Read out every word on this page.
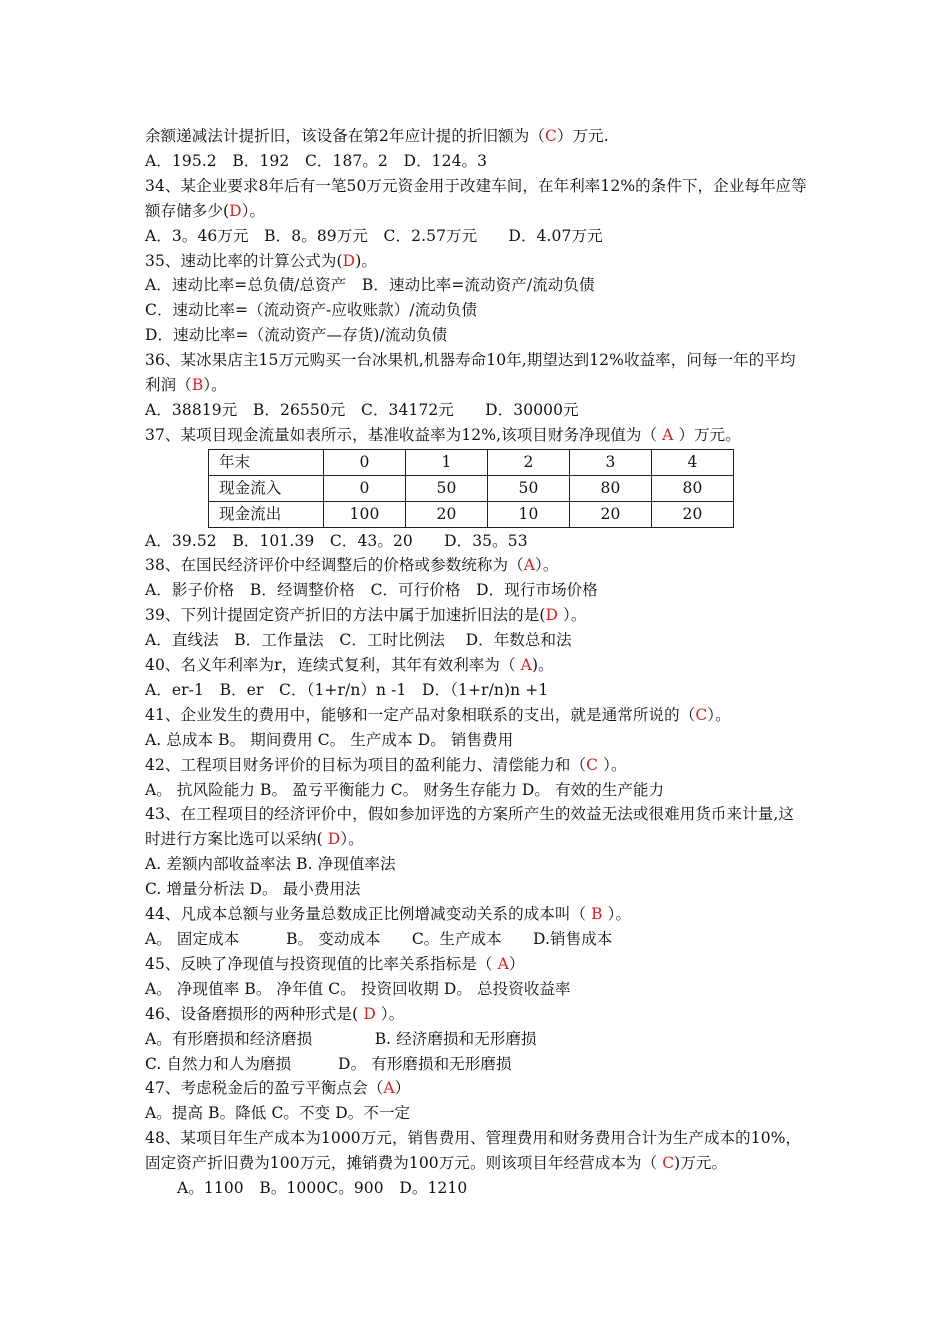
余额递减法计提折旧，该设备在第2年应计提的折旧额为（C）万元.
A．195.2　B．192　C．187。2　D．124。3
34、某企业要求8年后有一笔50万元资金用于改建车间，在年利率12%的条件下，企业每年应等额存储多少(D）。
A．3。46万元　B．8。89万元　C．2.57万元　　D．4.07万元
35、速动比率的计算公式为(D)。
A．速动比率=总负债/总资产　B．速动比率=流动资产/流动负债
C．速动比率=（流动资产-应收账款）/流动负债
D．速动比率=（流动资产—存货)/流动负债
36、某冰果店主15万元购买一台冰果机,机器寿命10年,期望达到12%收益率，问每一年的平均利润（B）。
A．38819元　B．26550元　C．34172元　　D．30000元
37、某项目现金流量如表所示，基准收益率为12%,该项目财务净现值为（ A ）万元。
年末	0	1	2	3	4
现金流入	0	50	50	80	80
现金流出	100	20	10	20	20
A．39.52　B．101.39　C．43。20　　D．35。53
38、在国民经济评价中经调整后的价格或参数统称为（A）。
A．影子价格　B．经调整价格　C．可行价格　D．现行市场价格
39、下列计提固定资产折旧的方法中属于加速折旧法的是(D ）。
A．直线法　B．工作量法　C．工时比例法　 D．年数总和法
40、名义年利率为r，连续式复利，其年有效利率为（ A)。
A．er-1　B．er　C．（1+r/n）n -1　D．（1+r/n)n +1
41、企业发生的费用中，能够和一定产品对象相联系的支出，就是通常所说的（C）。
A. 总成本 B。 期间费用 C。 生产成本 D。 销售费用
42、工程项目财务评价的目标为项目的盈利能力、清偿能力和（C ）。
A。 抗风险能力 B。 盈亏平衡能力 C。 财务生存能力 D。 有效的生产能力
43、在工程项目的经济评价中，假如参加评选的方案所产生的效益无法或很难用货币来计量,这时进行方案比选可以采纳( D）。
A. 差额内部收益率法 B. 净现值率法
C. 增量分析法 D。 最小费用法
44、凡成本总额与业务量总数成正比例增减变动关系的成本叫（ B ）。
A。 固定成本　　　B。 变动成本　　C。生产成本　　D.销售成本
45、反映了净现值与投资现值的比率关系指标是（ A）
A。 净现值率 B。 净年值 C。 投资回收期 D。 总投资收益率
46、设备磨损形的两种形式是( D ）。
A。有形磨损和经济磨损　　　　B. 经济磨损和无形磨损
C. 自然力和人为磨损　　　D。 有形磨损和无形磨损
47、考虑税金后的盈亏平衡点会（A）
A。提高 B。降低 C。不变 D。不一定
48、某项目年生产成本为1000万元，销售费用、管理费用和财务费用合计为生产成本的10%，固定资产折旧费为100万元，摊销费为100万元。则该项目年经营成本为（ C)万元。
A。1100　B。1000C。900　D。1210
